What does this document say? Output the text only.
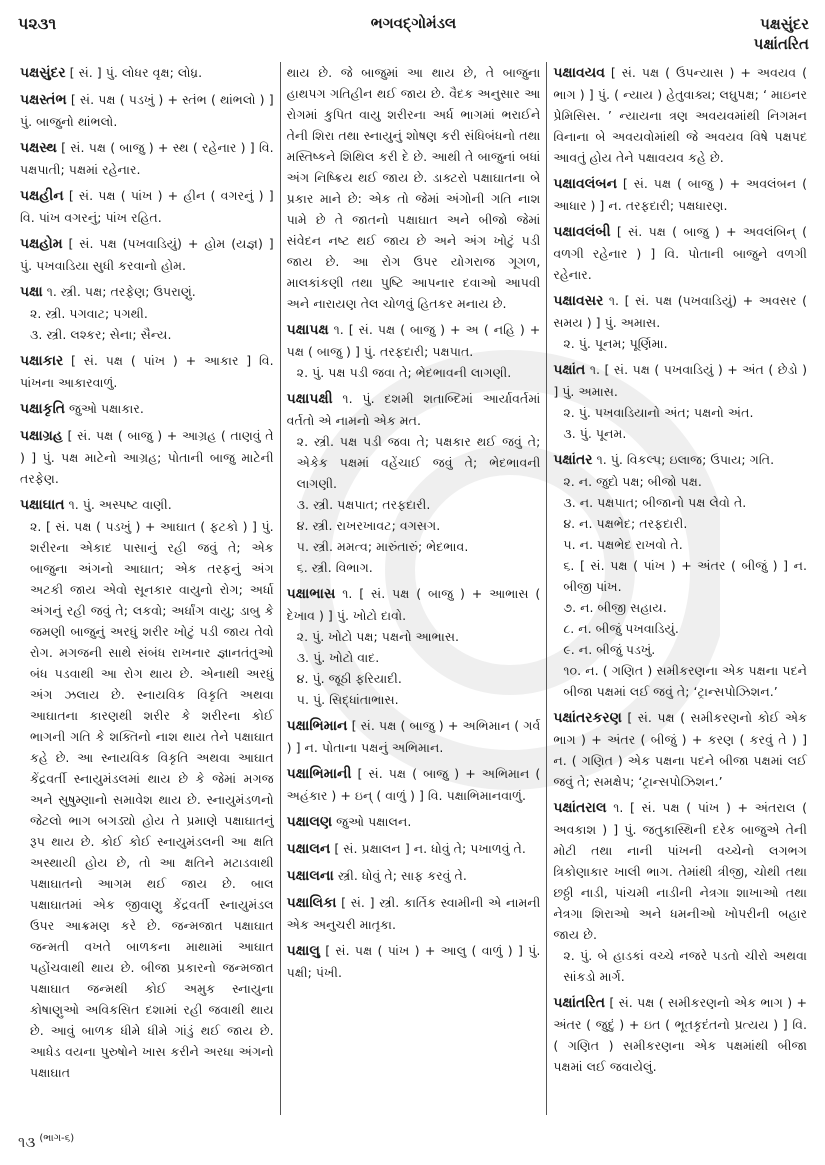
પ૨૩૧	ભગવદ્ગોમંડલ	પક્ષસુંદર
પક્ષાંતરિત
પક્ષસુંદર [ સં. ] પું. લોધર વૃક્ષ; લોધ્ર.
પક્ષસ્તંભ [ સં. પક્ષ ( પડખું ) + સ્તંભ ( થાંભલો ) ] પું. બાજુનો થાંભલો.
પક્ષસ્થ [ સં. પક્ષ ( બાજુ ) + સ્થ ( રહેનાર ) ] વિ. પક્ષપાતી; પક્ષમાં રહેનાર.
પક્ષહીન [ સં. પક્ષ ( પાંખ ) + હીન ( વગરનું ) ] વિ. પાંખ વગરનું; પાંખ રહિત.
પક્ષહોમ [ સં. પક્ષ (પખવાડિયું) + હોમ (યજ્ઞ) ] પું. પખવાડિયા સુધી કરવાનો હોમ.
પક્ષા ૧. સ્ત્રી. પક્ષ; તરફેણ; ઉપરાણું.
૨. સ્ત્રી. પગવાટ; પગથી.
૩. સ્ત્રી. લશ્કર; સેના; સૈન્ય.
પક્ષાકાર [ સં. પક્ષ ( પાંખ ) + આકાર ] વિ. પાંખના આકારવાળું.
પક્ષાકૃતિ જુઓ પક્ષાકાર.
પક્ષાગ્રહ [ સં. પક્ષ ( બાજુ ) + આગ્રહ ( તાણવું તે ) ] પું. પક્ષ માટેનો આગ્રહ; પોતાની બાજુ માટેની તરફેણ.
પક્ષાઘાત ૧. પું. અસ્પષ્ટ વાણી.
૨. [ સં. પક્ષ ( પડખું ) + આઘાત ( ફટકો ) ] પું. શરીરના એકાદ પાસાનું રહી જવું તે; એક બાજુના અંગનો આઘાત; એક તરફનું અંગ અટકી જાય એવો સૂનકાર વાયુનો રોગ; અર્ધા અંગનું રહી જવું તે; લકવો; અર્ધાંગ વાયુ; ડાબુ કે જમણી બાજુનું અરધું શરીર ખોટું પડી જાય તેવો રોગ. મગજની સાથે સંબંધ રાખનાર જ્ઞાનતંતુઓ બંધ પડવાથી આ રોગ થાય છે. એનાથી અરધું અંગ ઝલાય છે. સ્નાયવિક વિકૃતિ અથવા આઘાતના કારણથી શરીર કે શરીરના કોઈ ભાગની ગતિ કે શક્તિનો નાશ થાય તેને પક્ષાઘાત કહે છે. આ સ્નાયવિક વિકૃતિ અથવા આઘાત કેંદ્રવર્તી સ્નાયુમંડલમાં થાય છે કે જેમાં મગજ અને સુષુમ્ણાનો સમાવેશ થાય છે. સ્નાયુમંડળનો જેટલો ભાગ બગડ્યો હોય તે પ્રમાણે પક્ષાઘાતનું રૂપ થાય છે. કોઈ કોઈ સ્નાયુમંડલની આ ક્ષતિ અસ્થાયી હોય છે, તો આ ક્ષતિને મટાડવાથી પક્ષાઘાતનો આગમ થઈ જાય છે. બાલ પક્ષાઘાતમાં એક જીવાણુ કેંદ્રવર્તી સ્નાયુમંડલ ઉપર આક્રમણ કરે છે. જન્મજાત પક્ષાઘાત જન્મતી વખતે બાળકના માથામાં આઘાત પહોંચવાથી થાય છે. બીજા પ્રકારનો જન્મજાત પક્ષાઘાત જન્મથી કોઈ અમુક સ્નાયુના કોષાણુઓ અવિકસિત દશામાં રહી જવાથી થાય છે. આવું બાળક ધીમે ધીમે ગાંડું થઈ જાય છે. આધેડ વયના પુરુષોને ખાસ કરીને અરધા અંગનો પક્ષાઘાત
થાય છે. જે બાજુમાં આ થાય છે, તે બાજુના હાથપગ ગતિહીન થઈ જાય છે. વૈદક અનુસાર આ રોગમાં કુપિત વાયુ શરીરના અર્ધ ભાગમાં ભરાઈને તેની શિરા તથા સ્નાયુનું શોષણ કરી સંધિબંધનો તથા મસ્તિષ્કને શિથિલ કરી દે છે. આથી તે બાજુનાં બધાં અંગ નિષ્ક્રિય થઈ જાય છે. ડાક્ટરો પક્ષાઘાતના બે પ્રકાર માને છે: એક તો જેમાં અંગોની ગતિ નાશ પામે છે તે જાતનો પક્ષાઘાત અને બીજો જેમાં સંવેદન નષ્ટ થઈ જાય છે અને અંગ ખોટું પડી જાય છે. આ રોગ ઉપર યોગરાજ ગૂગળ, માલકાંકણી તથા પુષ્ટિ આપનાર દવાઓ આપવી અને નારાયણ તેલ ચોળવું હિતકર મનાય છે.
પક્ષાપક્ષ ૧. [ સં. પક્ષ ( બાજુ ) + અ ( નહિ ) + પક્ષ ( બાજુ ) ] પું. તરફદારી; પક્ષપાત.
૨. પું. પક્ષ પડી જવા તે; ભેદભાવની લાગણી.
પક્ષાપક્ષી ૧. પું. દશમી શતાબ્દિમાં આર્યાવર્તમાં વર્તતો એ નામનો એક મત.
૨. સ્ત્રી. પક્ષ પડી જવા તે; પક્ષકાર થઈ જવું તે; એકેક પક્ષમાં વહેંચાઈ જવું તે; ભેદભાવની લાગણી.
૩. સ્ત્રી. પક્ષપાત; તરફદારી.
૪. સ્ત્રી. રાખરખાવટ; વગસગ.
૫. સ્ત્રી. મમત્વ; મારુંતારું; ભેદભાવ.
૬. સ્ત્રી. વિભાગ.
પક્ષાભાસ ૧. [ સં. પક્ષ ( બાજુ ) + આભાસ ( દેખાવ ) ] પું. ખોટો દાવો.
૨. પું. ખોટો પક્ષ; પક્ષનો આભાસ.
૩. પું. ખોટો વાદ.
૪. પું. જૂઠી ફરિયાદી.
૫. પું. સિદ્ધાંતાભાસ.
પક્ષાભિમાન [ સં. પક્ષ ( બાજુ ) + અભિમાન ( ગર્વ ) ] ન. પોતાના પક્ષનું અભિમાન.
પક્ષાભિમાની [ સં. પક્ષ ( બાજુ ) + અભિમાન ( અહંકાર ) + ઇન્ ( વાળું ) ] વિ. પક્ષાભિમાનવાળું.
પક્ષાલણ જુઓ પક્ષાલન.
પક્ષાલન [ સં. પ્રક્ષાલન ] ન. ધોવું તે; પખાળવું તે.
પક્ષાલના સ્ત્રી. ધોવું તે; સાફ કરવું તે.
પક્ષાલિકા [ સં. ] સ્ત્રી. કાર્તિક સ્વામીની એ નામની એક અનુચરી માતૃકા.
પક્ષાલુ [ સં. પક્ષ ( પાંખ ) + આલુ ( વાળું ) ] પું. પક્ષી; પંખી.
પક્ષાવયવ [ સં. પક્ષ ( ઉપન્યાસ ) + અવયવ ( ભાગ ) ] પું. ( ન્યાય ) હેતુવાક્ય; લઘુપક્ષ; ‘ માઇનર પ્રેમિસિસ. ’ ન્યાયના ત્રણ અવયવમાંથી નિગમન વિનાના બે અવયવોમાંથી જે અવયવ વિષે પક્ષપદ આવતું હોય તેને પક્ષાવયવ કહે છે.
પક્ષાવલંબન [ સં. પક્ષ ( બાજુ ) + અવલંબન ( આધાર ) ] ન. તરફદારી; પક્ષધારણ.
પક્ષાવલંબી [ સં. પક્ષ ( બાજુ ) + અવલંબિન્ ( વળગી રહેનાર ) ] વિ. પોતાની બાજુને વળગી રહેનાર.
પક્ષાવસર ૧. [ સં. પક્ષ (પખવાડિયું) + અવસર ( સમય ) ] પું. અમાસ.
૨. પું. પૂનમ; પૂર્ણિમા.
પક્ષાંત ૧. [ સં. પક્ષ ( પખવાડિયું ) + અંત ( છેડો ) ] પું. અમાસ.
૨. પું. પખવાડિયાનો અંત; પક્ષનો અંત.
૩. પું. પૂનમ.
પક્ષાંતર ૧. પું. વિકલ્પ; ઇલાજ; ઉપાય; ગતિ.
૨. ન. જુદો પક્ષ; બીજો પક્ષ.
૩. ન. પક્ષપાત; બીજાનો પક્ષ લેવો તે.
૪. ન. પક્ષભેદ; તરફદારી.
૫. ન. પક્ષભેદ રાખવો તે.
૬. [ સં. પક્ષ ( પાંખ ) + અંતર ( બીજું ) ] ન. બીજી પાંખ.
૭. ન. બીજી સહાય.
૮. ન. બીજું પખવાડિયું.
૯. ન. બીજું પડખું.
૧૦. ન. ( ગણિત ) સમીકરણના એક પક્ષના પદને બીજા પક્ષમાં લઈ જવું તે; ‘ટ્રાન્સપોઝિશન.’
પક્ષાંતરકરણ [ સં. પક્ષ ( સમીકરણનો કોઈ એક ભાગ ) + અંતર ( બીજું ) + કરણ ( કરવું તે ) ] ન. ( ગણિત ) એક પક્ષના પદને બીજા પક્ષમાં લઈ જવું તે; સમક્ષેપ; ‘ટ્રાન્સપોઝિશન.’
પક્ષાંતરાલ ૧. [ સં. પક્ષ ( પાંખ ) + અંતરાલ ( અવકાશ ) ] પું. જતુકાસ્થિની દરેક બાજુએ તેની મોટી તથા નાની પાંખની વચ્ચેનો લગભગ ત્રિકોણાકાર ખાલી ભાગ. તેમાંથી ત્રીજી, ચોથી તથા છઠ્ઠી નાડી, પાંચમી નાડીની નેત્રગા શાખાઓ તથા નેત્રગા શિરાઓ અને ધમનીઓ ખોપરીની બહાર જાય છે.
૨. પું. બે હાડકાં વચ્ચે નજરે પડતો ચીરો અથવા સાંકડો માર્ગ.
પક્ષાંતરિત [ સં. પક્ષ ( સમીકરણનો એક ભાગ ) + અંતર ( જુદું ) + ઇત ( ભૂતકૃદંતનો પ્રત્યય ) ] વિ. ( ગણિત ) સમીકરણના એક પક્ષમાંથી બીજા પક્ષમાં લઈ જવાયેલું.
૧૩ $^{(ભાગ-૬)}$
